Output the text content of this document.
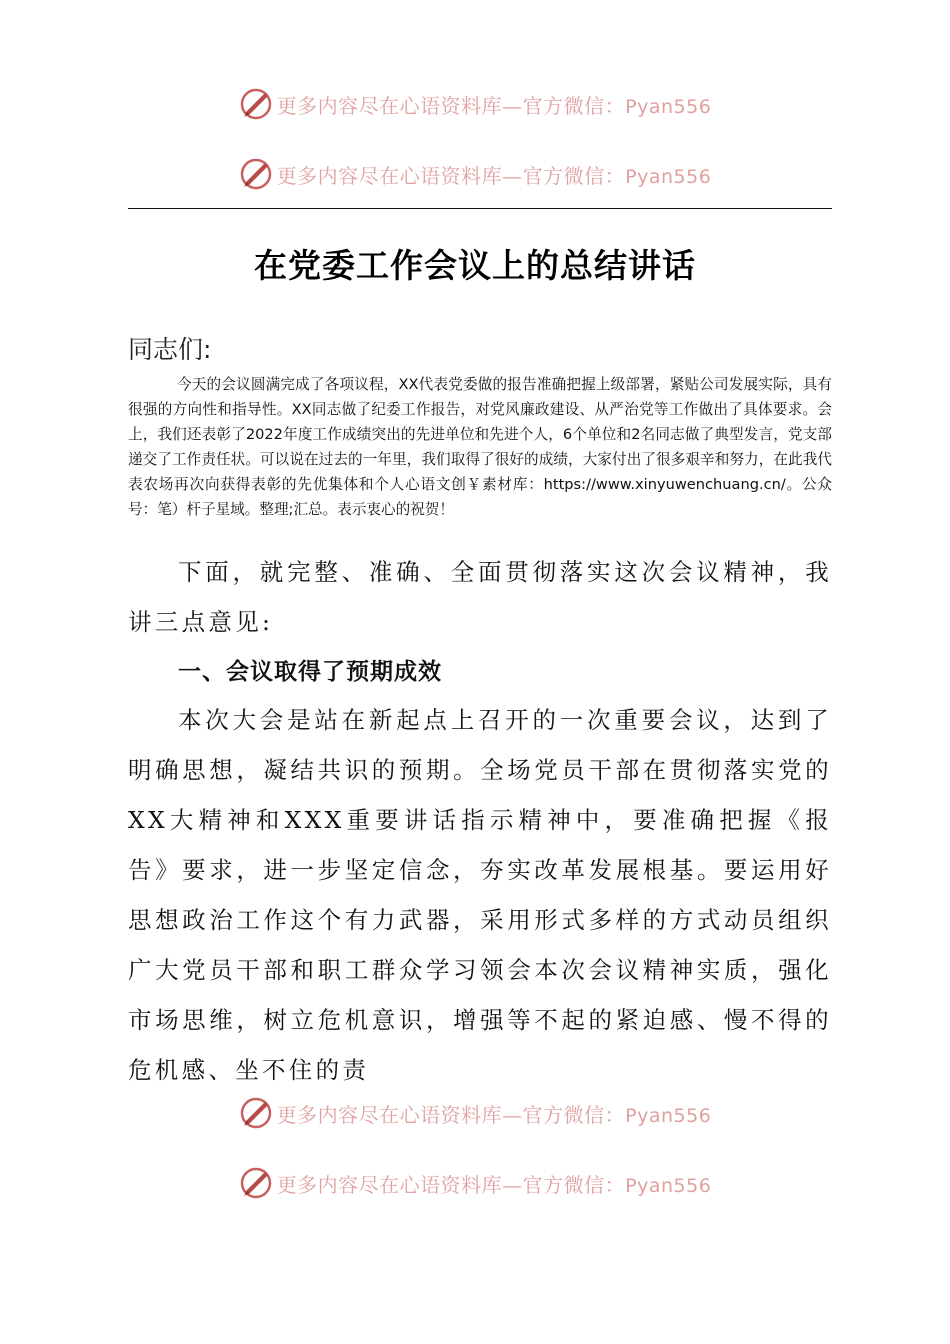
更多内容尽在心语资料库—官方微信：Pyan556
更多内容尽在心语资料库—官方微信：Pyan556
在党委工作会议上的总结讲话
同志们:

今天的会议圆满完成了各项议程，XX代表党委做的报告准确把握上级部署，紧贴公司发展实际，具有很强的方向性和指导性。XX同志做了纪委工作报告，对党风廉政建设、从严治党等工作做出了具体要求。会上，我们还表彰了2022年度工作成绩突出的先进单位和先进个人，6个单位和2名同志做了典型发言，党支部递交了工作责任状。可以说在过去的一年里，我们取得了很好的成绩，大家付出了很多艰辛和努力，在此我代表农场再次向获得表彰的先优集体和个人心语文创￥素材库：https://www.xinyuwenchuang.cn/。公众号：笔）杆子星域。整理;汇总。表示衷心的祝贺！

下面，就完整、准确、全面贯彻落实这次会议精神，我讲三点意见:

一、会议取得了预期成效

本次大会是站在新起点上召开的一次重要会议，达到了明确思想，凝结共识的预期。全场党员干部在贯彻落实党的XX大精神和XXX重要讲话指示精神中，要准确把握《报告》要求，进一步坚定信念，夯实改革发展根基。要运用好思想政治工作这个有力武器，采用形式多样的方式动员组织广大党员干部和职工群众学习领会本次会议精神实质，强化市场思维，树立危机意识，增强等不起的紧迫感、慢不得的危机感、坐不住的责

更多内容尽在心语资料库—官方微信：Pyan556
更多内容尽在心语资料库—官方微信：Pyan556
